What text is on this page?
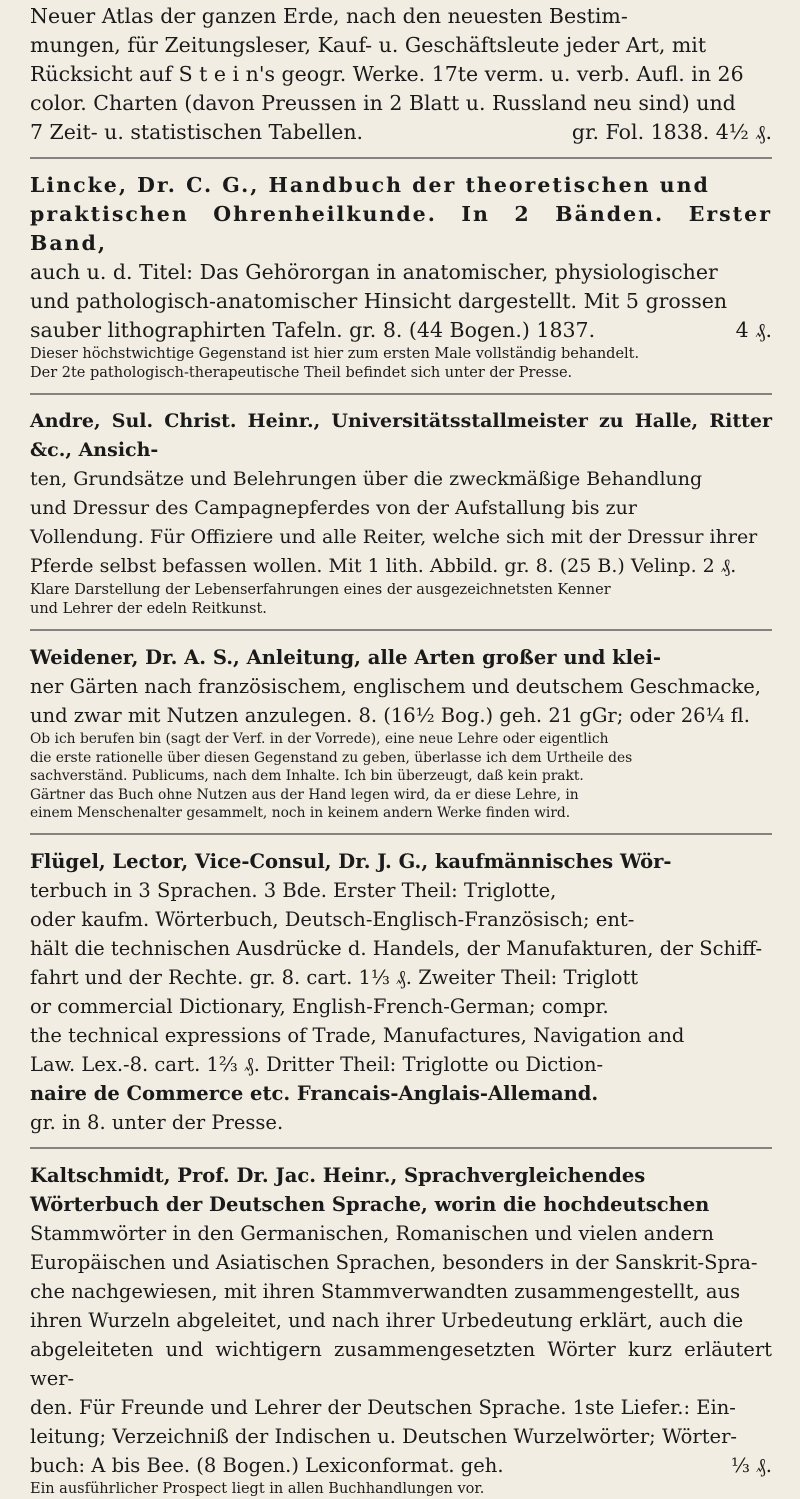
Neuer Atlas der ganzen Erde, nach den neuesten Bestim-

mungen, für Zeitungsleser, Kauf- u. Geschäftsleute jeder Art, mit

Rücksicht auf S t e i n's geogr. Werke. 17te verm. u. verb. Aufl. in 26

color. Charten (davon Preussen in 2 Blatt u. Russland neu sind) und

7 Zeit- u. statistischen Tabellen.	gr. Fol. 1838. 4½ ₰.

Lincke, Dr. C. G., Handbuch der theoretischen und

praktischen Ohrenheilkunde. In 2 Bänden. Erster Band,

auch u. d. Titel: Das Gehörorgan in anatomischer, physiologischer

und pathologisch-anatomischer Hinsicht dargestellt. Mit 5 grossen

sauber lithographirten Tafeln. gr. 8. (44 Bogen.) 1837.	4 ₰.

Dieser höchstwichtige Gegenstand ist hier zum ersten Male vollständig behandelt.

Der 2te pathologisch-therapeutische Theil befindet sich unter der Presse.

Andre, Sul. Christ. Heinr., Universitätsstallmeister zu Halle, Ritter &c., Ansich-

ten, Grundsätze und Belehrungen über die zweckmäßige Behandlung

und Dressur des Campagnepferdes von der Aufstallung bis zur

Vollendung. Für Offiziere und alle Reiter, welche sich mit der Dressur ihrer

Pferde selbst befassen wollen. Mit 1 lith. Abbild. gr. 8. (25 B.) Velinp. 2 ₰.

Klare Darstellung der Lebenserfahrungen eines der ausgezeichnetsten Kenner

und Lehrer der edeln Reitkunst.

Weidener, Dr. A. S., Anleitung, alle Arten großer und klei-

ner Gärten nach französischem, englischem und deutschem Geschmacke,

und zwar mit Nutzen anzulegen. 8. (16½ Bog.) geh. 21 gGr; oder 26¼ fl.

Ob ich berufen bin (sagt der Verf. in der Vorrede), eine neue Lehre oder eigentlich

die erste rationelle über diesen Gegenstand zu geben, überlasse ich dem Urtheile des

sachverständ. Publicums, nach dem Inhalte. Ich bin überzeugt, daß kein prakt.

Gärtner das Buch ohne Nutzen aus der Hand legen wird, da er diese Lehre, in

einem Menschenalter gesammelt, noch in keinem andern Werke finden wird.

Flügel, Lector, Vice-Consul, Dr. J. G., kaufmännisches Wör-

terbuch in 3 Sprachen. 3 Bde. Erster Theil: Triglotte,

oder kaufm. Wörterbuch, Deutsch-Englisch-Französisch; ent-

hält die technischen Ausdrücke d. Handels, der Manufakturen, der Schiff-

fahrt und der Rechte. gr. 8. cart. 1⅓ ₰. Zweiter Theil: Triglott

or commercial Dictionary, English-French-German; compr.

the technical expressions of Trade, Manufactures, Navigation and

Law. Lex.-8. cart. 1⅔ ₰. Dritter Theil: Triglotte ou Diction-

naire de Commerce etc. Francais-Anglais-Allemand.

gr. in 8. unter der Presse.

Kaltschmidt, Prof. Dr. Jac. Heinr., Sprachvergleichendes

Wörterbuch der Deutschen Sprache, worin die hochdeutschen

Stammwörter in den Germanischen, Romanischen und vielen andern

Europäischen und Asiatischen Sprachen, besonders in der Sanskrit-Spra-

che nachgewiesen, mit ihren Stammverwandten zusammengestellt, aus

ihren Wurzeln abgeleitet, und nach ihrer Urbedeutung erklärt, auch die

abgeleiteten und wichtigern zusammengesetzten Wörter kurz erläutert wer-

den. Für Freunde und Lehrer der Deutschen Sprache. 1ste Liefer.: Ein-

leitung; Verzeichniß der Indischen u. Deutschen Wurzelwörter; Wörter-

buch: A bis Bee. (8 Bogen.) Lexiconformat. geh.	⅓ ₰.

Ein ausführlicher Prospect liegt in allen Buchhandlungen vor.
